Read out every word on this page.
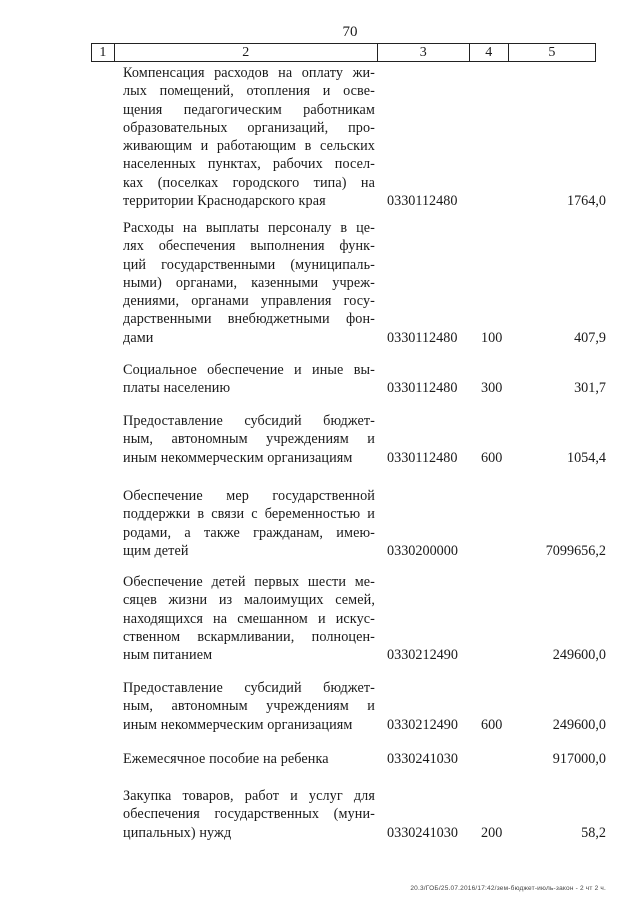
70
1	2	3	4	5
Компенсация расходов на оплату жи-
лых помещений, отопления и осве-
щения педагогическим работникам
образовательных организаций, про-
живающим и работающим в сельских
населенных пунктах, рабочих посел-
ках (поселках городского типа) на
территории Краснодарского края	0330112480	1764,0
Расходы на выплаты персоналу в це-
лях обеспечения выполнения функ-
ций государственными (муниципаль-
ными) органами, казенными учреж-
дениями, органами управления госу-
дарственными внебюджетными фон-
дами	0330112480 100	407,9
Социальное обеспечение и иные вы-
платы населению	0330112480 300	301,7
Предоставление субсидий бюджет-
ным, автономным учреждениям и
иным некоммерческим организациям	0330112480 600	1054,4
Обеспечение мер государственной
поддержки в связи с беременностью и
родами, а также гражданам, имею-
щим детей	0330200000	7099656,2
Обеспечение детей первых шести ме-
сяцев жизни из малоимущих семей,
находящихся на смешанном и искус-
ственном вскармливании, полноцен-
ным питанием	0330212490	249600,0
Предоставление субсидий бюджет-
ным, автономным учреждениям и
иным некоммерческим организациям	0330212490 600	249600,0
Ежемесячное пособие на ребенка	0330241030	917000,0
Закупка товаров, работ и услуг для
обеспечения государственных (муни-
ципальных) нужд	0330241030 200	58,2
20.3/ГОБ/25.07.2016/17:42/зем-бюджет-июль-закон - 2 чт 2 ч.
